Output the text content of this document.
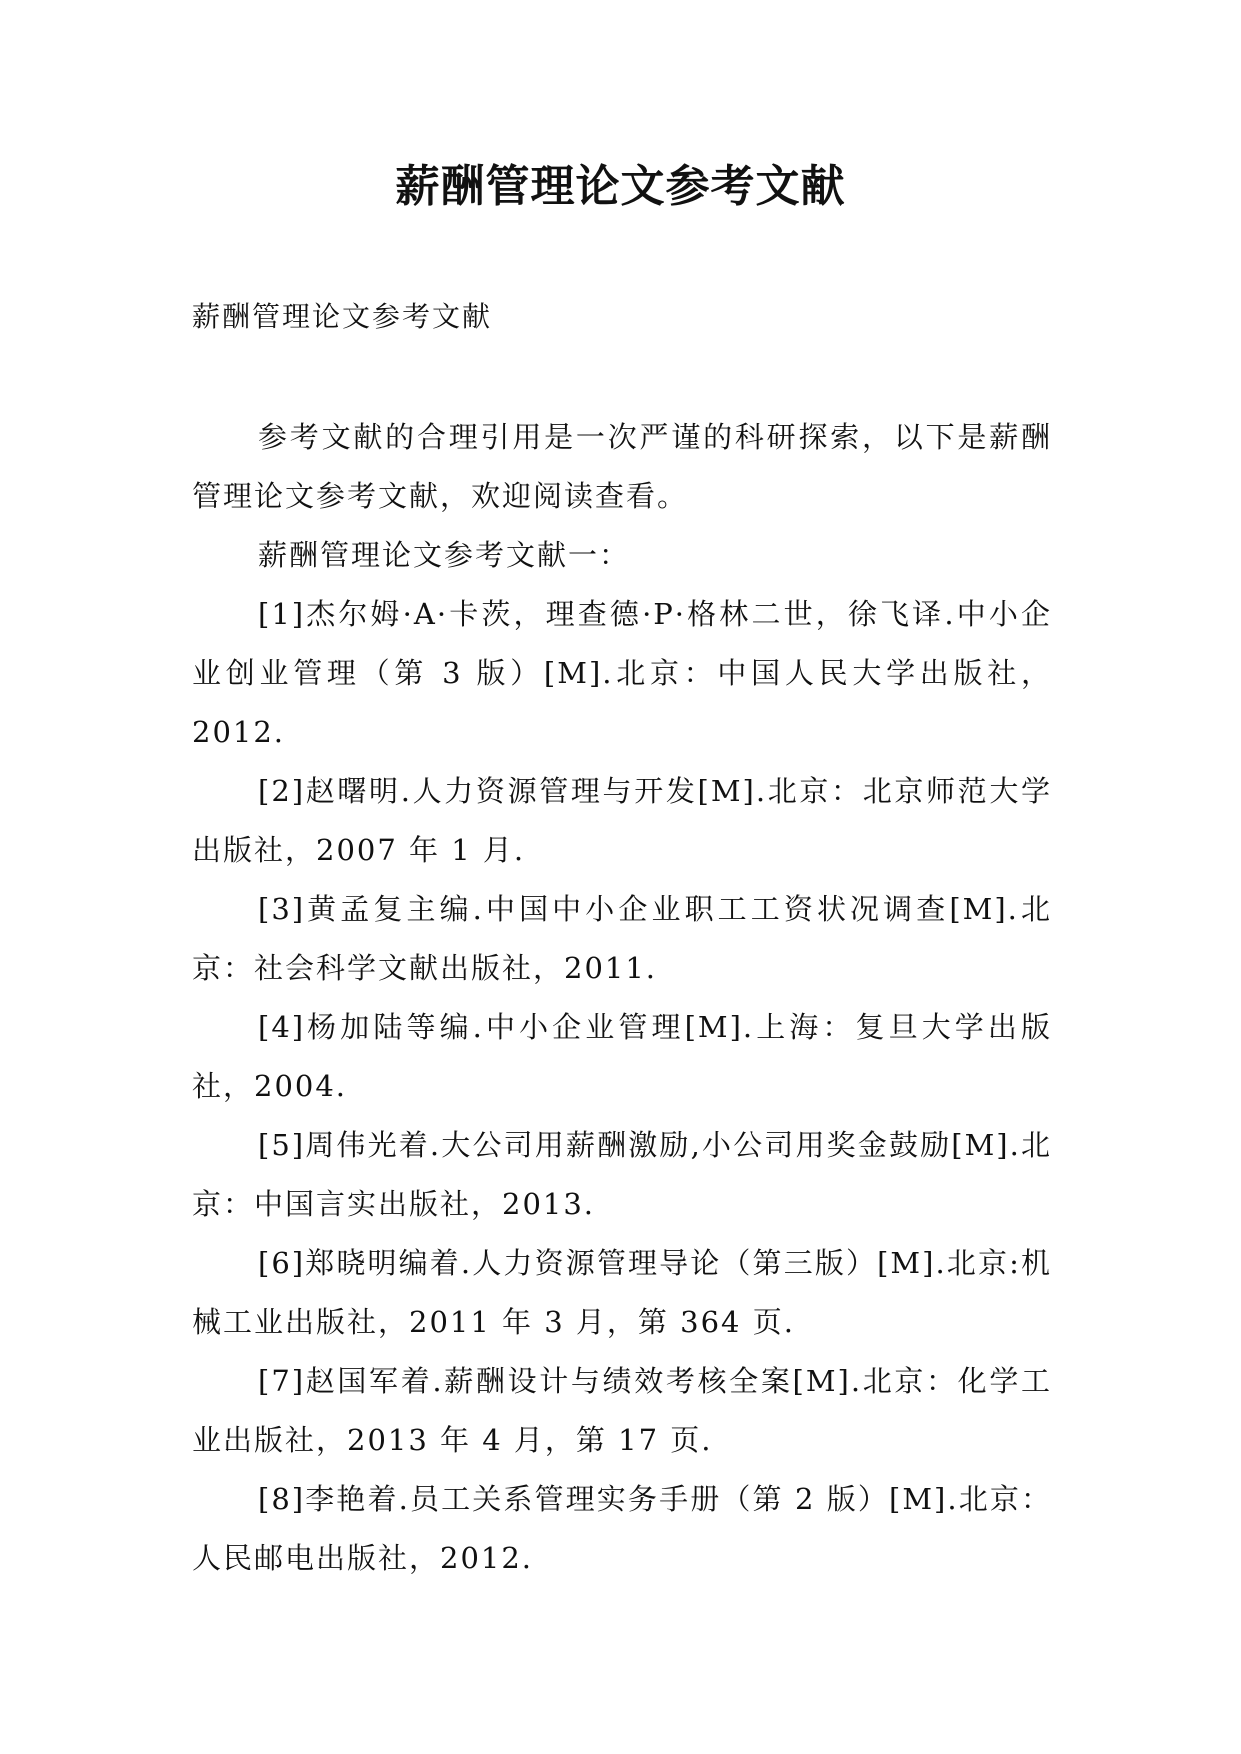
薪酬管理论文参考文献

薪酬管理论文参考文献

参考文献的合理引用是一次严谨的科研探索，以下是薪酬管理论文参考文献，欢迎阅读查看。

薪酬管理论文参考文献一：

[1]杰尔姆·A·卡茨，理查德·P·格林二世，徐飞译.中小企业创业管理（第 3 版）[M].北京：中国人民大学出版社，2012.

[2]赵曙明.人力资源管理与开发[M].北京：北京师范大学出版社，2007 年 1 月.

[3]黄孟复主编.中国中小企业职工工资状况调查[M].北京：社会科学文献出版社，2011.

[4]杨加陆等编.中小企业管理[M].上海：复旦大学出版社，2004.

[5]周伟光着.大公司用薪酬激励,小公司用奖金鼓励[M].北京：中国言实出版社，2013.

[6]郑晓明编着.人力资源管理导论（第三版）[M].北京:机械工业出版社，2011 年 3 月，第 364 页.

[7]赵国军着.薪酬设计与绩效考核全案[M].北京：化学工业出版社，2013 年 4 月，第 17 页.

[8]李艳着.员工关系管理实务手册（第 2 版）[M].北京：人民邮电出版社，2012.
